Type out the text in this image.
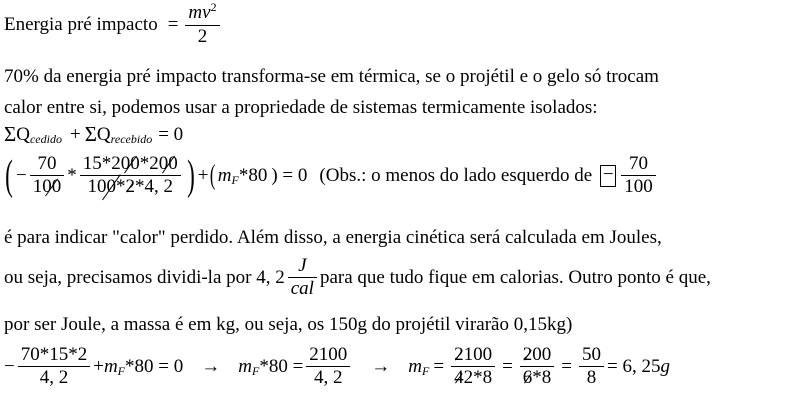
Energia pré impacto = $\frac{mv^2}{2}$
70% da energia pré impacto transforma-se em térmica, se o projétil e o gelo só trocam
calor entre si, podemos usar a propriedade de sistemas termicamente isolados:
Σ Q cedido + Σ Q recebido = 0
( − $\frac{70}{100} * \frac{15*200*200}{100*2*4, 2}$ ) + ( m F *80 ) = 0 (Obs.: o menos do lado esquerdo de − $\frac{70}{100}$
é para indicar "calor" perdido. Além disso, a energia cinética será calculada em Joules,
ou seja, precisamos dividi-la por 4, $2 \frac{J}{\text{cal}}$ para que tudo fique em calorias. Outro ponto é que,
por ser Joule, a massa é em kg, ou seja, os 150g do projétil virarão 0,15kg)
− $\frac{70*15*2}{4, 2} + m$ F *80 = 0 → m F $*80 = \frac{2100}{4, 2} \to m$ $F = \frac{2100}{42*8} = \frac{200}{6*8} = \frac{50}{8} = 6$, 25 g
